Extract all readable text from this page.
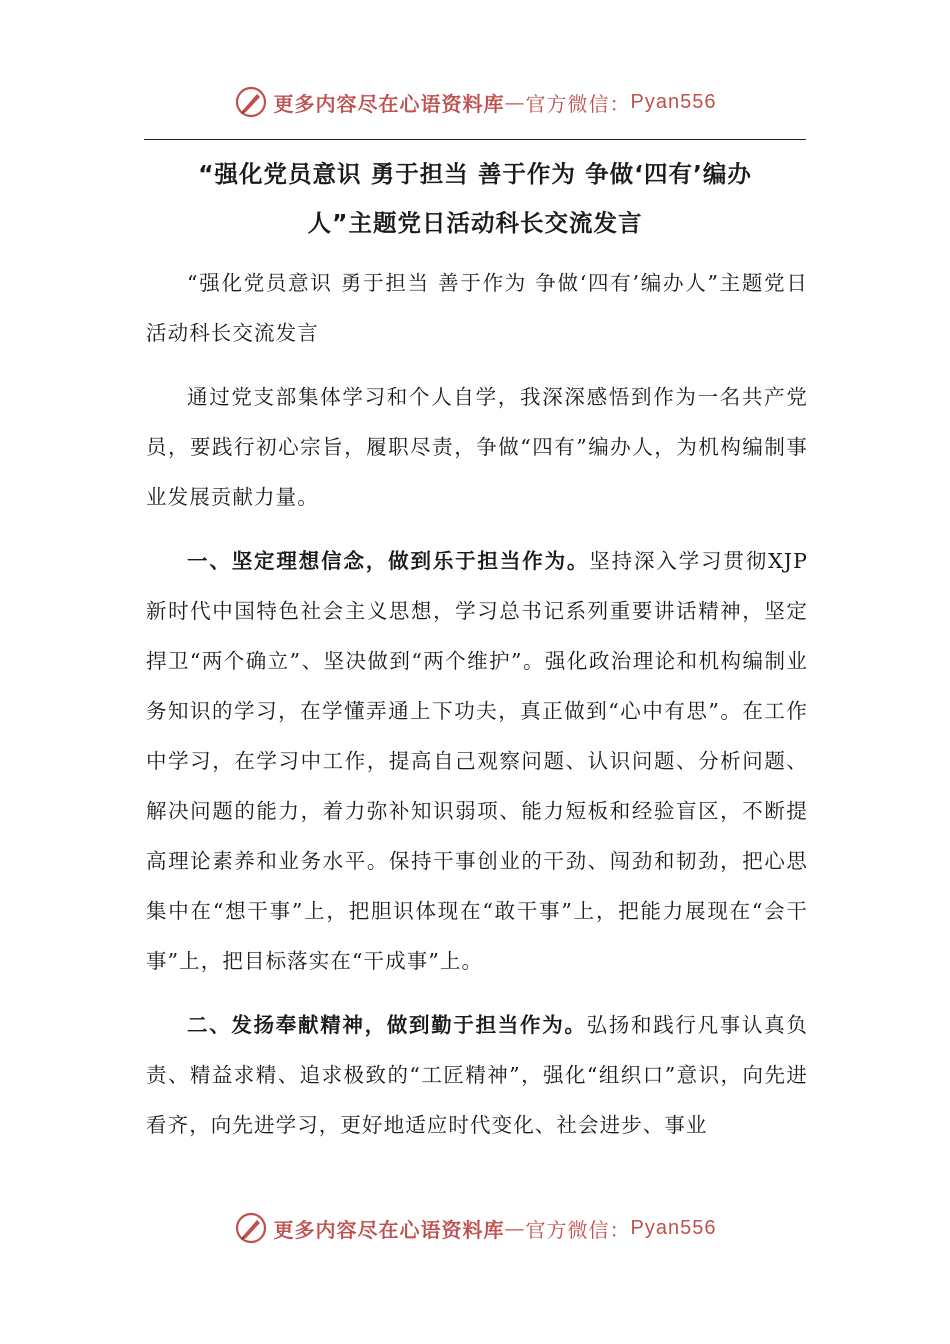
更多内容尽在心语资料库 — 官方微信： Pyan556
“强化党员意识 勇于担当 善于作为 争做‘四有’编办
人”主题党日活动科长交流发言

“强化党员意识 勇于担当 善于作为 争做‘四有’编办人”主题党日活动科长交流发言

通过党支部集体学习和个人自学，我深深感悟到作为一名共产党员，要践行初心宗旨，履职尽责，争做“四有”编办人，为机构编制事业发展贡献力量。

一、坚定理想信念，做到乐于担当作为。坚持深入学习贯彻XJP新时代中国特色社会主义思想，学习总书记系列重要讲话精神，坚定捍卫“两个确立”、坚决做到“两个维护”。强化政治理论和机构编制业务知识的学习，在学懂弄通上下功夫，真正做到“心中有思”。在工作中学习，在学习中工作，提高自己观察问题、认识问题、分析问题、解决问题的能力，着力弥补知识弱项、能力短板和经验盲区，不断提高理论素养和业务水平。保持干事创业的干劲、闯劲和韧劲，把心思集中在“想干事”上，把胆识体现在“敢干事”上，把能力展现在“会干事”上，把目标落实在“干成事”上。

二、发扬奉献精神，做到勤于担当作为。弘扬和践行凡事认真负责、精益求精、追求极致的“工匠精神”，强化“组织口”意识，向先进看齐，向先进学习，更好地适应时代变化、社会进步、事业

更多内容尽在心语资料库 — 官方微信： Pyan556
